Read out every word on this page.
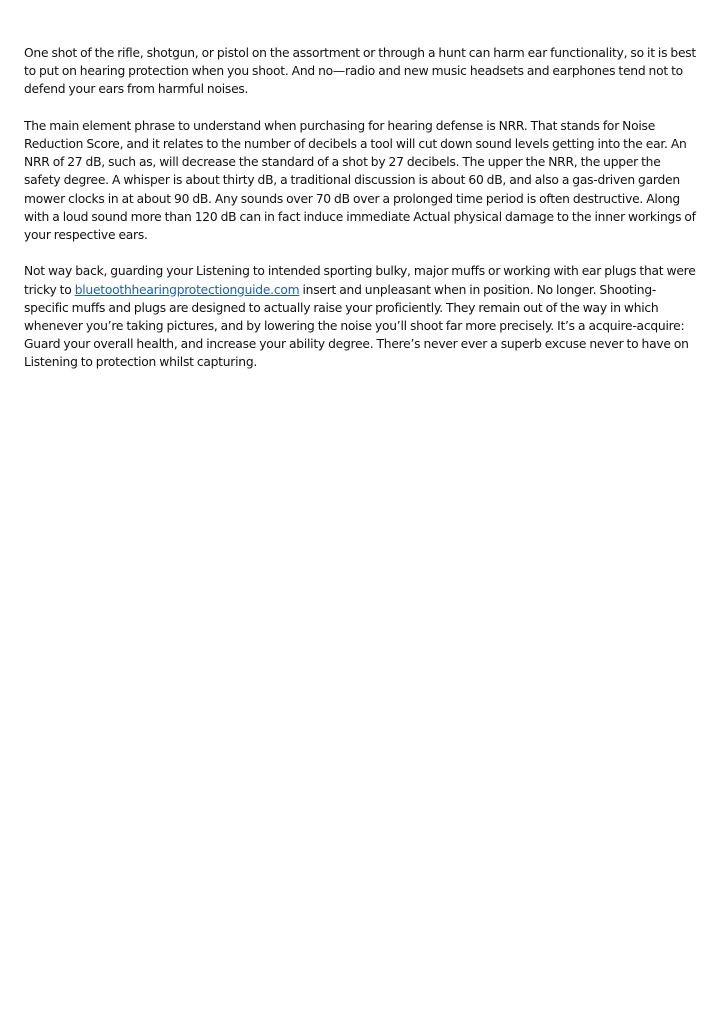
One shot of the rifle, shotgun, or pistol on the assortment or through a hunt can harm ear functionality, so it is best to put on hearing protection when you shoot. And no—radio and new music headsets and earphones tend not to defend your ears from harmful noises.

The main element phrase to understand when purchasing for hearing defense is NRR. That stands for Noise Reduction Score, and it relates to the number of decibels a tool will cut down sound levels getting into the ear. An NRR of 27 dB, such as, will decrease the standard of a shot by 27 decibels. The upper the NRR, the upper the safety degree. A whisper is about thirty dB, a traditional discussion is about 60 dB, and also a gas-driven garden mower clocks in at about 90 dB. Any sounds over 70 dB over a prolonged time period is often destructive. Along with a loud sound more than 120 dB can in fact induce immediate Actual physical damage to the inner workings of your respective ears.

Not way back, guarding your Listening to intended sporting bulky, major muffs or working with ear plugs that were tricky to bluetoothhearingprotectionguide.com insert and unpleasant when in position. No longer. Shooting-specific muffs and plugs are designed to actually raise your proficiently. They remain out of the way in which whenever you’re taking pictures, and by lowering the noise you’ll shoot far more precisely. It’s a acquire-acquire: Guard your overall health, and increase your ability degree. There’s never ever a superb excuse never to have on Listening to protection whilst capturing.
